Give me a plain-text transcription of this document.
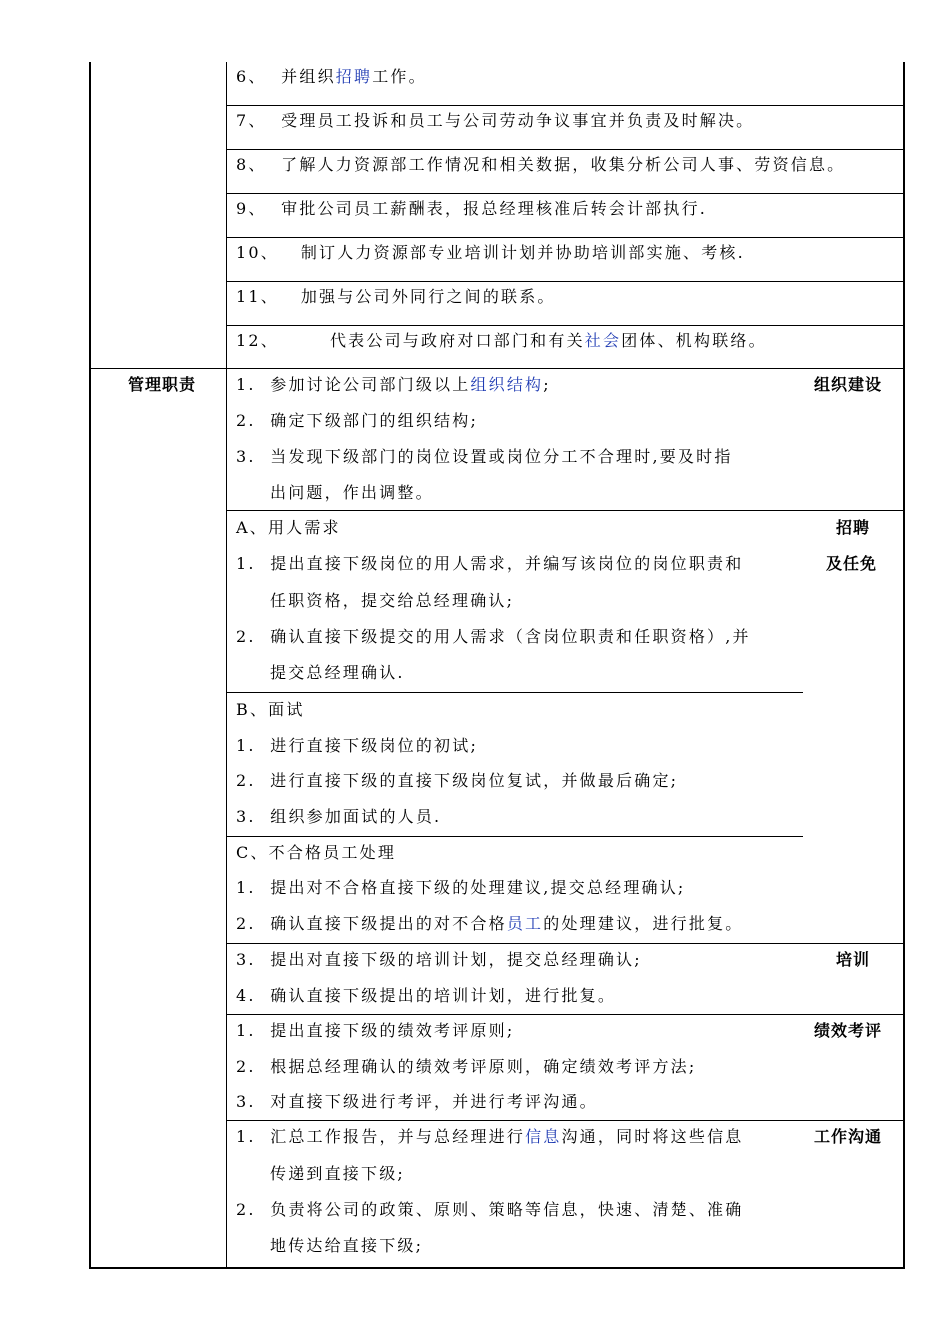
6、 并组织招聘工作。
7、 受理员工投诉和员工与公司劳动争议事宜并负责及时解决。
8、 了解人力资源部工作情况和相关数据，收集分析公司人事、劳资信息。
9、 审批公司员工薪酬表，报总经理核准后转会计部执行.
10、 制订人力资源部专业培训计划并协助培训部实施、考核.
11、 加强与公司外同行之间的联系。
12、	代表公司与政府对口部门和有关社会团体、机构联络。
管理职责	组织建设
1. 参加讨论公司部门级以上组织结构;
2. 确定下级部门的组织结构;
3. 当发现下级部门的岗位设置或岗位分工不合理时,要及时指
出问题，作出调整。
招聘
及任免
A、用人需求
1. 提出直接下级岗位的用人需求，并编写该岗位的岗位职责和
任职资格，提交给总经理确认;
2. 确认直接下级提交的用人需求（含岗位职责和任职资格）,并
提交总经理确认.
B、面试
1. 进行直接下级岗位的初试;
2. 进行直接下级的直接下级岗位复试，并做最后确定;
3. 组织参加面试的人员.
C、不合格员工处理
1. 提出对不合格直接下级的处理建议,提交总经理确认;
2. 确认直接下级提出的对不合格员工的处理建议，进行批复。
培训
3. 提出对直接下级的培训计划，提交总经理确认;
4. 确认直接下级提出的培训计划，进行批复。
绩效考评
1. 提出直接下级的绩效考评原则;
2. 根据总经理确认的绩效考评原则，确定绩效考评方法;
3. 对直接下级进行考评，并进行考评沟通。
工作沟通
1. 汇总工作报告，并与总经理进行信息沟通，同时将这些信息
传递到直接下级;
2. 负责将公司的政策、原则、策略等信息，快速、清楚、准确
地传达给直接下级;
